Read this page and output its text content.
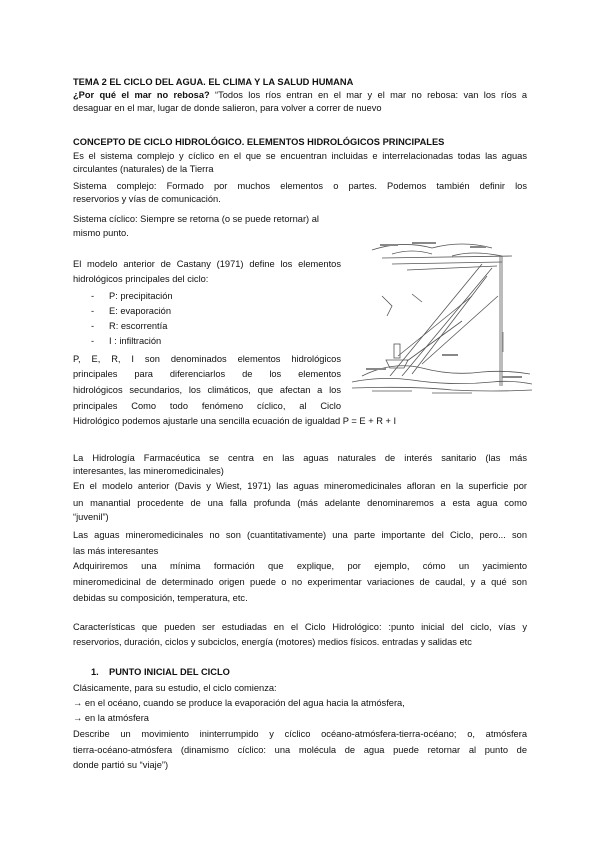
TEMA 2 EL CICLO DEL AGUA. EL CLIMA Y LA SALUD HUMANA
¿Por qué el mar no rebosa? “Todos los ríos entran en el mar y el mar no rebosa: van los ríos a
desaguar en el mar, lugar de donde salieron, para volver a correr de nuevo
CONCEPTO DE CICLO HIDROLÓGICO. ELEMENTOS HIDROLÓGICOS PRINCIPALES
Es el sistema complejo y cíclico en el que se encuentran incluidas e interrelacionadas todas las aguas
circulantes (naturales) de la Tierra
Sistema complejo: Formado por muchos elementos o partes. Podemos también definir los
reservorios y vías de comunicación.
Sistema cíclico: Siempre se retorna (o se puede retornar) al
mismo punto.
El modelo anterior de Castany (1971) define los elementos
hidrológicos principales del ciclo:
- P: precipitación
- E: evaporación
- R: escorrentía
- I : infiltración
P, E, R, I son denominados elementos hidrológicos
principales para diferenciarlos de los elementos
hidrológicos secundarios, los climáticos, que afectan a los
principales Como todo fenómeno cíclico, al Ciclo
Hidrológico podemos ajustarle una sencilla ecuación de igualdad P = E + R + I
La Hidrología Farmacéutica se centra en las aguas naturales de interés sanitario (las más
interesantes, las mineromedicinales)
En el modelo anterior (Davis y Wiest, 1971) las aguas mineromedicinales afloran en la superficie por
un manantial procedente de una falla profunda (más adelante denominaremos a esta agua como
“juvenil”)
Las aguas mineromedicinales no son (cuantitativamente) una parte importante del Ciclo, pero... son
las más interesantes
Adquiriremos una mínima formación que explique, por ejemplo, cómo un yacimiento
mineromedicinal de determinado origen puede o no experimentar variaciones de caudal, y a qué son
debidas su composición, temperatura, etc.
Características que pueden ser estudiadas en el Ciclo Hidrológico: :punto inicial del ciclo, vías y
reservorios, duración, ciclos y subciclos, energía (motores) medios físicos. entradas y salidas etc
1. PUNTO INICIAL DEL CICLO
Clásicamente, para su estudio, el ciclo comienza:
→ en el océano, cuando se produce la evaporación del agua hacia la atmósfera,
→ en la atmósfera
Describe un movimiento ininterrumpido y cíclico océano-atmósfera-tierra-océano; o, atmósfera
tierra-océano-atmósfera (dinamismo cíclico: una molécula de agua puede retornar al punto de
donde partió su “viaje”)
